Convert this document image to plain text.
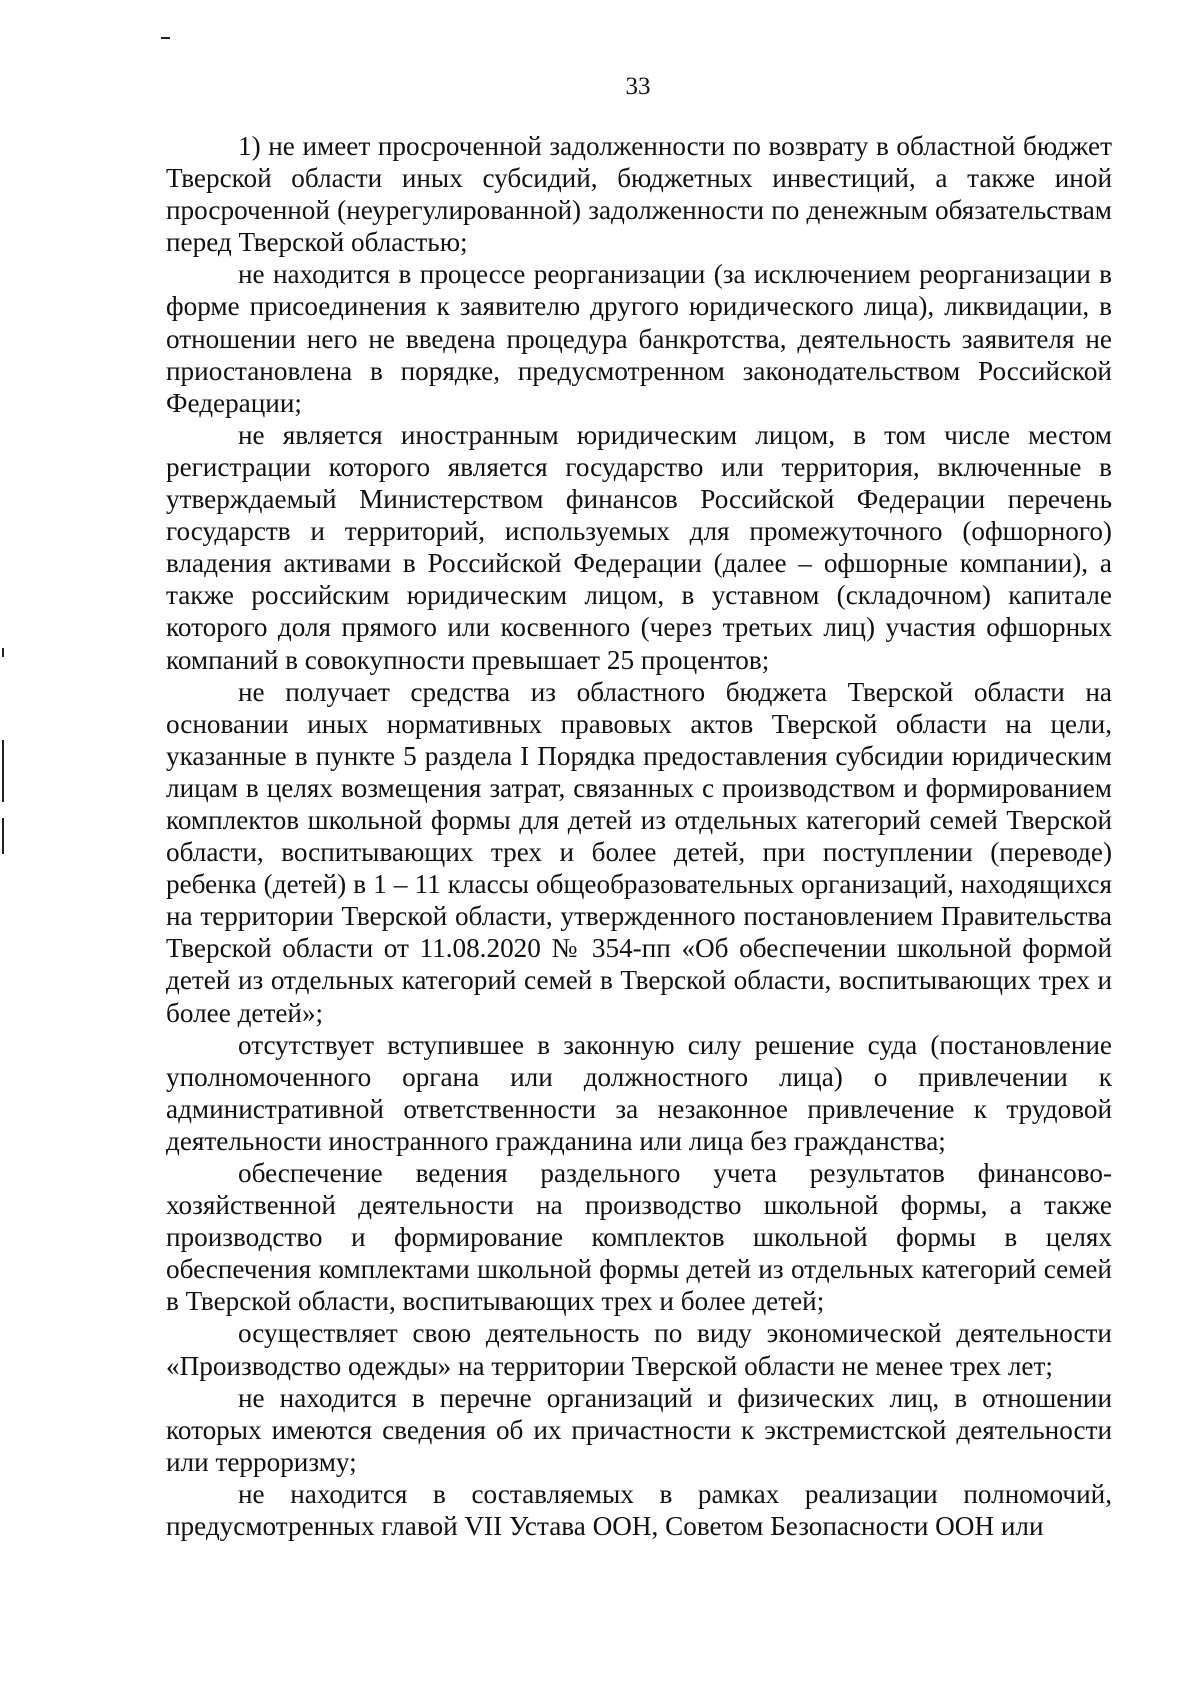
33

1) не имеет просроченной задолженности по возврату в областной бюджет Тверской области иных субсидий, бюджетных инвестиций, а также иной просроченной (неурегулированной) задолженности по денежным обязательствам перед Тверской областью;

не находится в процессе реорганизации (за исключением реорганизации в форме присоединения к заявителю другого юридического лица), ликвидации, в отношении него не введена процедура банкротства, деятельность заявителя не приостановлена в порядке, предусмотренном законодательством Российской Федерации;

не является иностранным юридическим лицом, в том числе местом регистрации которого является государство или территория, включенные в утверждаемый Министерством финансов Российской Федерации перечень государств и территорий, используемых для промежуточного (офшорного) владения активами в Российской Федерации (далее – офшорные компании), а также российским юридическим лицом, в уставном (складочном) капитале которого доля прямого или косвенного (через третьих лиц) участия офшорных компаний в совокупности превышает 25 процентов;

не получает средства из областного бюджета Тверской области на основании иных нормативных правовых актов Тверской области на цели, указанные в пункте 5 раздела I Порядка предоставления субсидии юридическим лицам в целях возмещения затрат, связанных с производством и формированием комплектов школьной формы для детей из отдельных категорий семей Тверской области, воспитывающих трех и более детей, при поступлении (переводе) ребенка (детей) в 1 – 11 классы общеобразовательных организаций, находящихся на территории Тверской области, утвержденного постановлением Правительства Тверской области от 11.08.2020 № 354-пп «Об обеспечении школьной формой детей из отдельных категорий семей в Тверской области, воспитывающих трех и более детей»;

отсутствует вступившее в законную силу решение суда (постановление уполномоченного органа или должностного лица) о привлечении к административной ответственности за незаконное привлечение к трудовой деятельности иностранного гражданина или лица без гражданства;

обеспечение ведения раздельного учета результатов финансово-хозяйственной деятельности на производство школьной формы, а также производство и формирование комплектов школьной формы в целях обеспечения комплектами школьной формы детей из отдельных категорий семей в Тверской области, воспитывающих трех и более детей;

осуществляет свою деятельность по виду экономической деятельности «Производство одежды» на территории Тверской области не менее трех лет;

не находится в перечне организаций и физических лиц, в отношении которых имеются сведения об их причастности к экстремистской деятельности или терроризму;

не находится в составляемых в рамках реализации полномочий, предусмотренных главой VII Устава ООН, Советом Безопасности ООН или
